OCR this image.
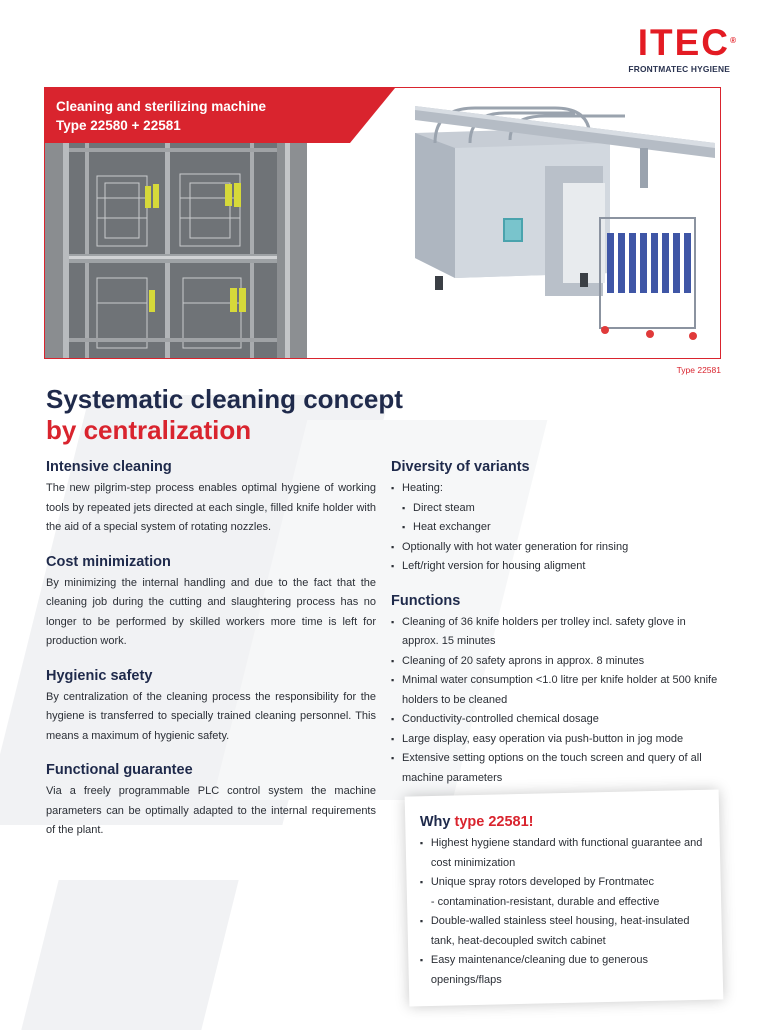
ITEC ®
FRONTMATEC HYGIENE
Cleaning and sterilizing machine
Type 22580 + 22581
Type 22581
Systematic cleaning concept
by centralization
Intensive cleaning

The new pilgrim-step process enables optimal hygiene of working tools by repeated jets directed at each single, filled knife holder with the aid of a special system of rotating nozzles.

Cost minimization

By minimizing the internal handling and due to the fact that the cleaning job during the cutting and slaughtering process has no longer to be performed by skilled workers more time is left for production work.

Hygienic safety

By centralization of the cleaning process the responsibility for the hygiene is transferred to specially trained cleaning personnel. This means a maximum of hygienic safety.

Functional guarantee

Via a freely programmable PLC control system the machine parameters can be optimally adapted to the internal requirements of the plant.

Diversity of variants
▪ Heating:
▪ Direct steam
▪ Heat exchanger
▪ Optionally with hot water generation for rinsing
▪ Left/right version for housing aligment
Functions
▪ Cleaning of 36 knife holders per trolley incl. safety glove in approx. 15 minutes
▪ Cleaning of 20 safety aprons in approx. 8 minutes
▪ Mnimal water consumption <1.0 litre per knife holder at 500 knife holders to be cleaned
▪ Conductivity-controlled chemical dosage
▪ Large display, easy operation via push-button in jog mode
▪ Extensive setting options on the touch screen and query of all machine parameters
Why type 22581!
▪ Highest hygiene standard with functional guarantee and cost minimization
▪ Unique spray rotors developed by Frontmatec
- contamination-resistant, durable and effective
▪ Double-walled stainless steel housing, heat-insulated tank, heat-decoupled switch cabinet
▪ Easy maintenance/cleaning due to generous openings/flaps
